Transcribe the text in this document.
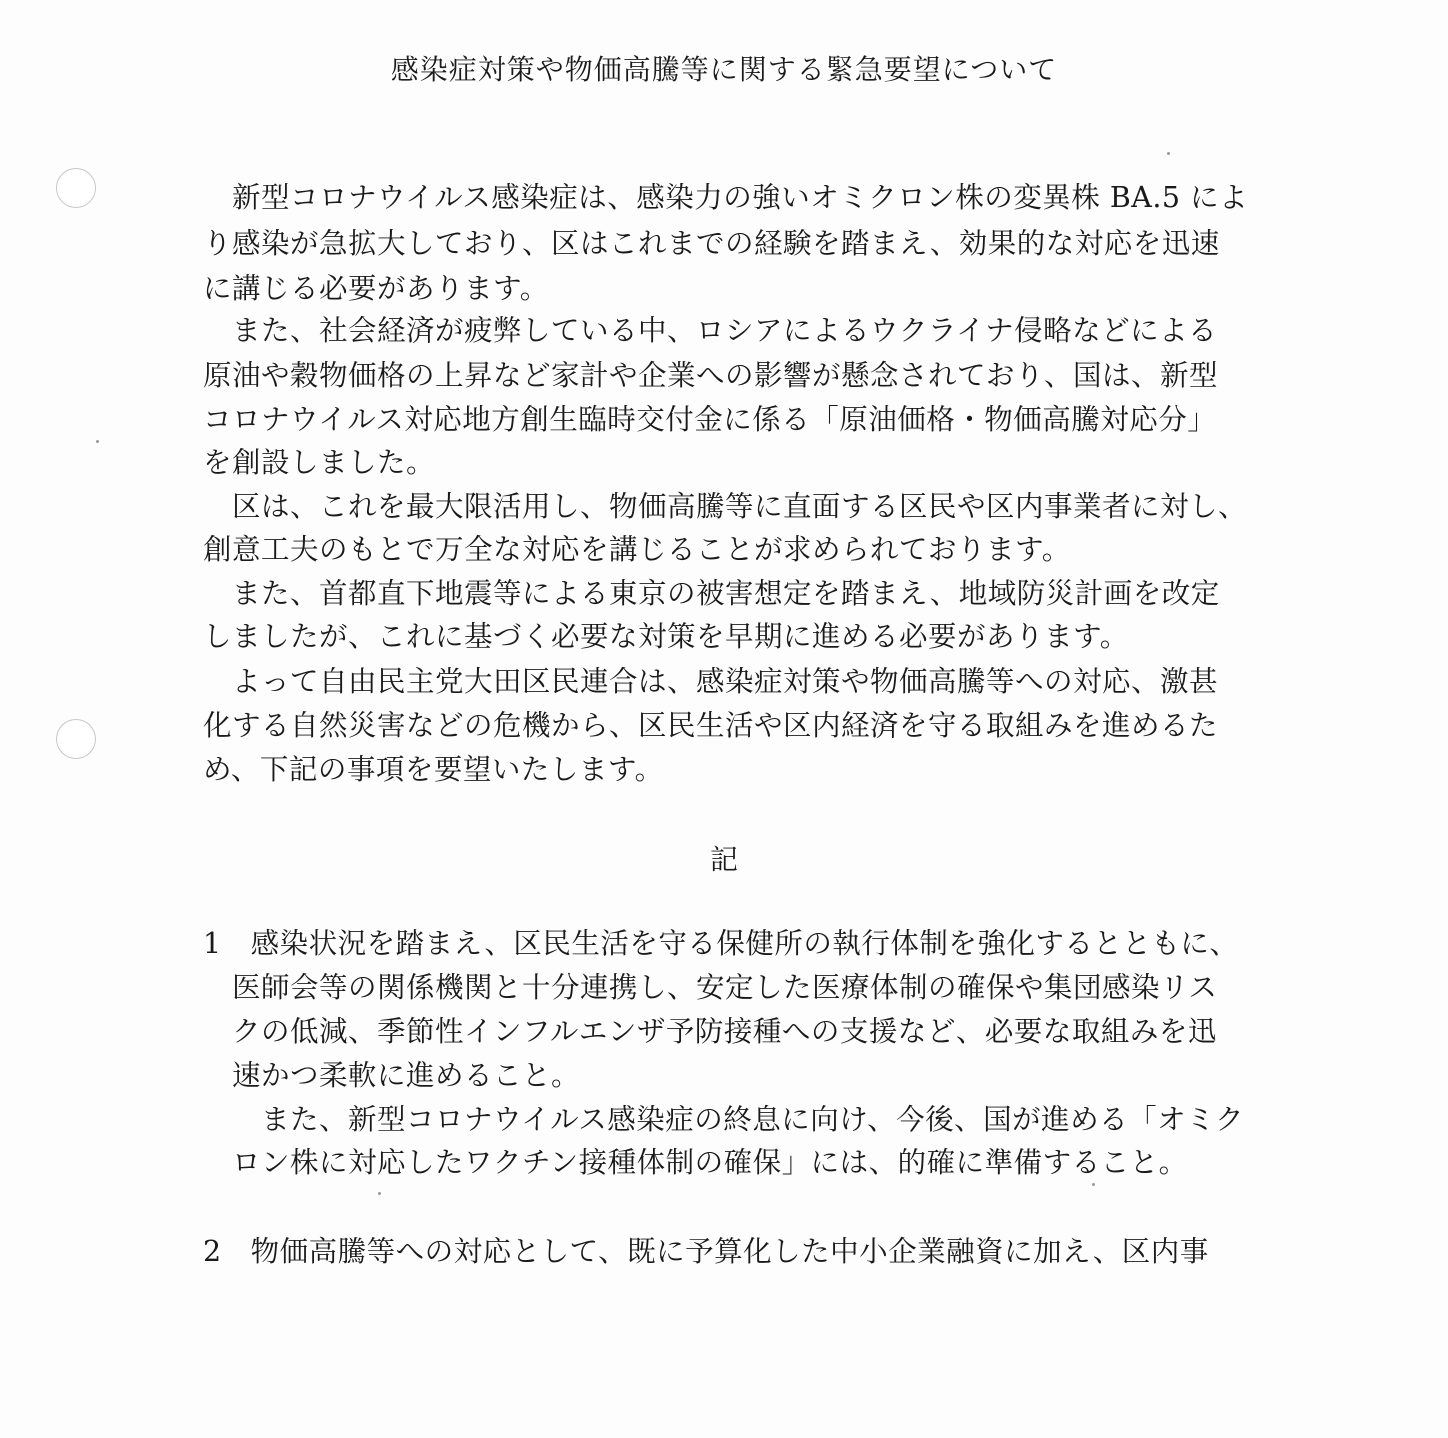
感染症対策や物価高騰等に関する緊急要望について
　新型コロナウイルス感染症は、感染力の強いオミクロン株の変異株 BA.5 によ
り感染が急拡大しており、区はこれまでの経験を踏まえ、効果的な対応を迅速
に講じる必要があります。
　また、社会経済が疲弊している中、ロシアによるウクライナ侵略などによる
原油や穀物価格の上昇など家計や企業への影響が懸念されており、国は、新型
コロナウイルス対応地方創生臨時交付金に係る「原油価格・物価高騰対応分」
を創設しました。
　区は、これを最大限活用し、物価高騰等に直面する区民や区内事業者に対し、
創意工夫のもとで万全な対応を講じることが求められております。
　また、首都直下地震等による東京の被害想定を踏まえ、地域防災計画を改定
しましたが、これに基づく必要な対策を早期に進める必要があります。
　よって自由民主党大田区民連合は、感染症対策や物価高騰等への対応、激甚
化する自然災害などの危機から、区民生活や区内経済を守る取組みを進めるた
め、下記の事項を要望いたします。
記
1　感染状況を踏まえ、区民生活を守る保健所の執行体制を強化するとともに、
　医師会等の関係機関と十分連携し、安定した医療体制の確保や集団感染リス
　クの低減、季節性インフルエンザ予防接種への支援など、必要な取組みを迅
　速かつ柔軟に進めること。
　　また、新型コロナウイルス感染症の終息に向け、今後、国が進める「オミク
　ロン株に対応したワクチン接種体制の確保」には、的確に準備すること。
2　物価高騰等への対応として、既に予算化した中小企業融資に加え、区内事
